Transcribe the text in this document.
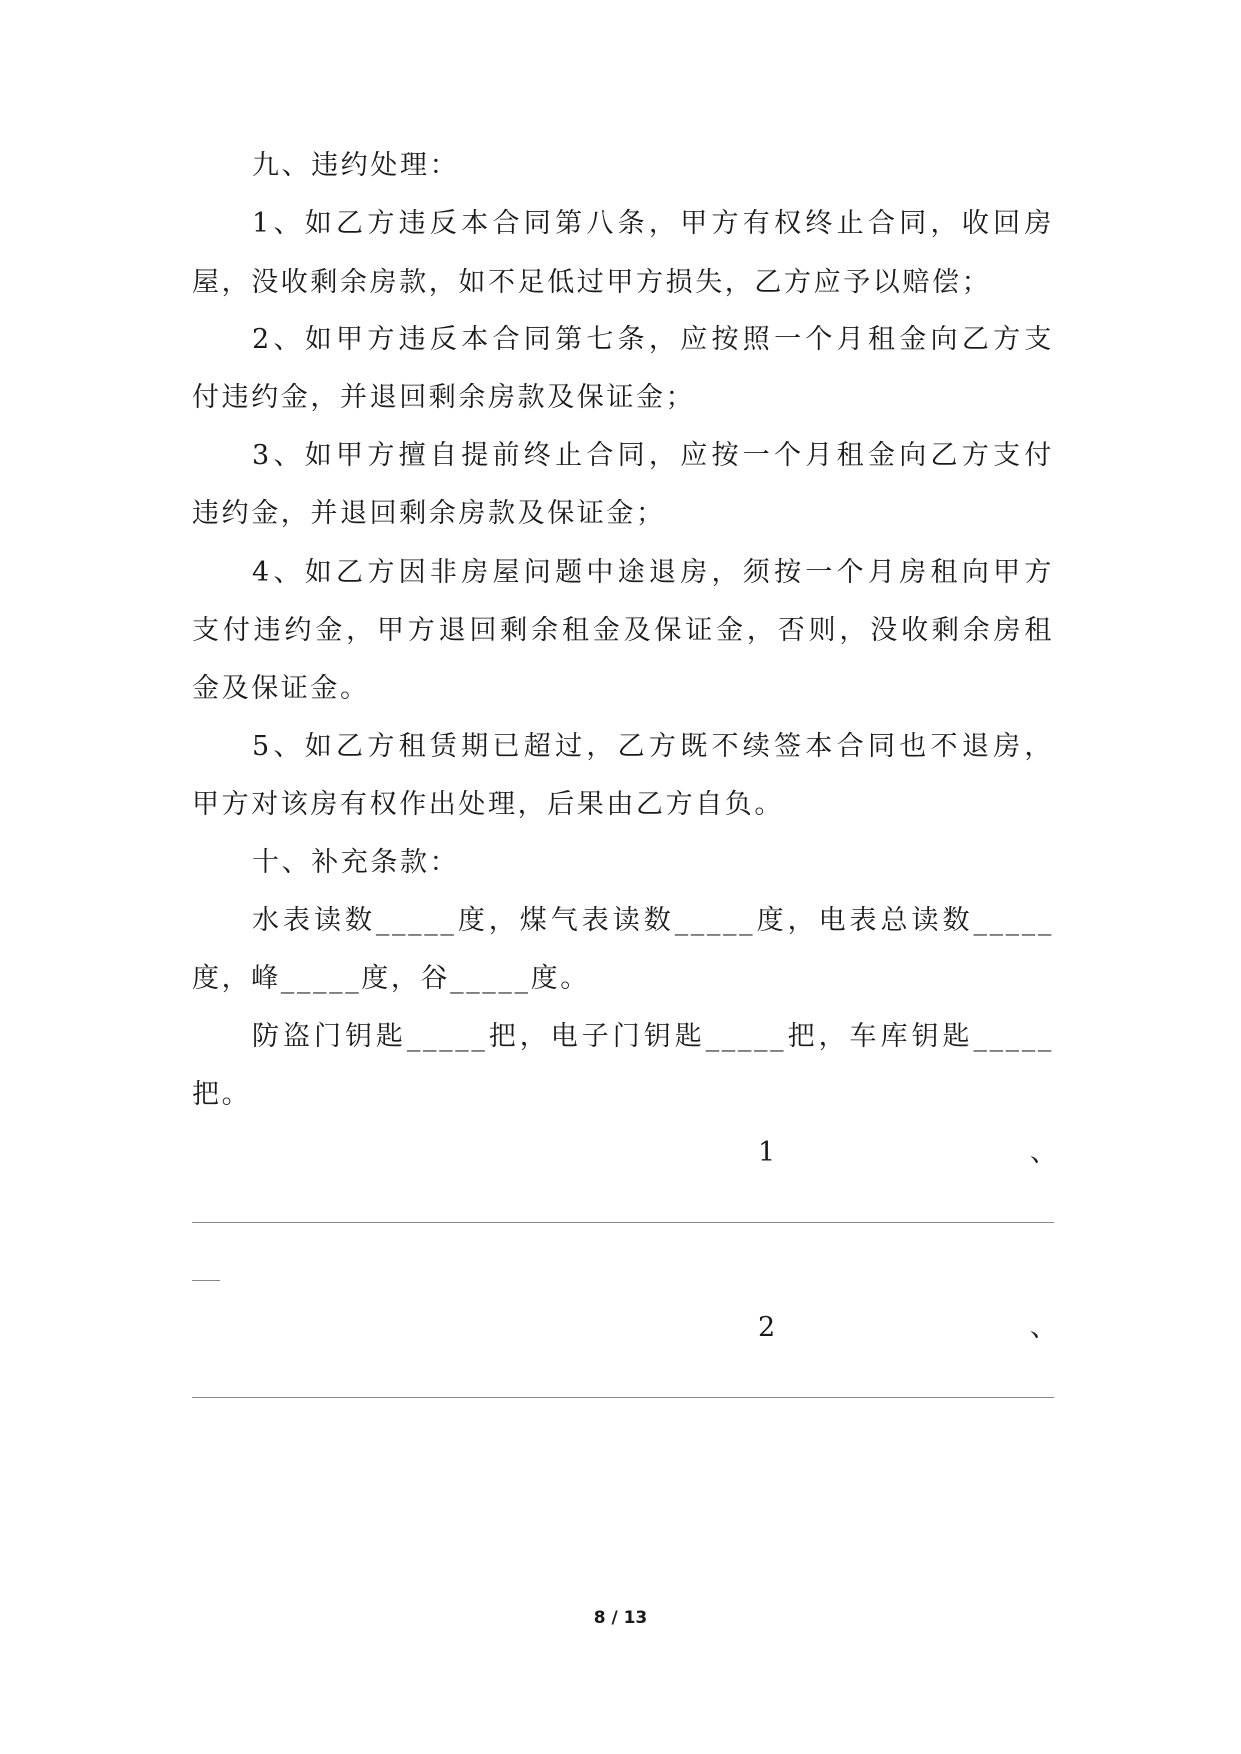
九、违约处理：
1、如乙方违反本合同第八条，甲方有权终止合同，收回房
屋，没收剩余房款，如不足低过甲方损失，乙方应予以赔偿；
2、如甲方违反本合同第七条，应按照一个月租金向乙方支
付违约金，并退回剩余房款及保证金；
3、如甲方擅自提前终止合同，应按一个月租金向乙方支付
违约金，并退回剩余房款及保证金；
4、如乙方因非房屋问题中途退房，须按一个月房租向甲方
支付违约金，甲方退回剩余租金及保证金，否则，没收剩余房租
金及保证金。
5、如乙方租赁期已超过，乙方既不续签本合同也不退房，
甲方对该房有权作出处理，后果由乙方自负。
十、补充条款：
水表读数_____度，煤气表读数_____度，电表总读数_____
度，峰_____度，谷_____度。
防盗门钥匙_____把，电子门钥匙_____把，车库钥匙_____
把。
1	、
2	、
8 / 13
